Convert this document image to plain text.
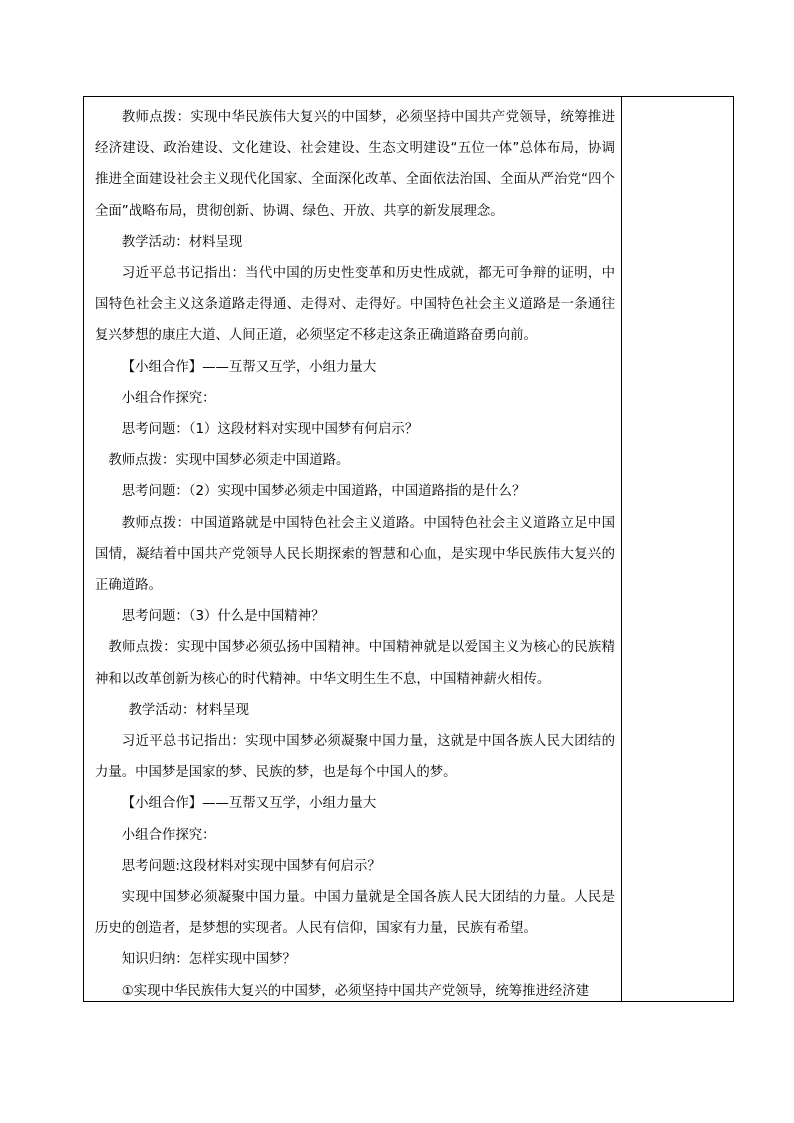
教师点拨：实现中华民族伟大复兴的中国梦，必须坚持中国共产党领导，统筹推进经济建设、政治建设、文化建设、社会建设、生态文明建设“五位一体”总体布局，协调推进全面建设社会主义现代化国家、全面深化改革、全面依法治国、全面从严治党“四个全面”战略布局，贯彻创新、协调、绿色、开放、共享的新发展理念。

教学活动：材料呈现

习近平总书记指出：当代中国的历史性变革和历史性成就，都无可争辩的证明，中国特色社会主义这条道路走得通、走得对、走得好。中国特色社会主义道路是一条通往复兴梦想的康庄大道、人间正道，必须坚定不移走这条正确道路奋勇向前。

【小组合作】——互帮又互学，小组力量大

小组合作探究：

思考问题：（1）这段材料对实现中国梦有何启示？

教师点拨：实现中国梦必须走中国道路。

思考问题：（2）实现中国梦必须走中国道路，中国道路指的是什么？

教师点拨：中国道路就是中国特色社会主义道路。中国特色社会主义道路立足中国国情，凝结着中国共产党领导人民长期探索的智慧和心血，是实现中华民族伟大复兴的正确道路。

思考问题：（3）什么是中国精神？

教师点拨：实现中国梦必须弘扬中国精神。中国精神就是以爱国主义为核心的民族精神和以改革创新为核心的时代精神。中华文明生生不息，中国精神薪火相传。

教学活动：材料呈现

习近平总书记指出：实现中国梦必须凝聚中国力量，这就是中国各族人民大团结的力量。中国梦是国家的梦、民族的梦，也是每个中国人的梦。

【小组合作】——互帮又互学，小组力量大

小组合作探究：

思考问题:这段材料对实现中国梦有何启示？

实现中国梦必须凝聚中国力量。中国力量就是全国各族人民大团结的力量。人民是历史的创造者，是梦想的实现者。人民有信仰，国家有力量，民族有希望。

知识归纳：怎样实现中国梦？

①实现中华民族伟大复兴的中国梦，必须坚持中国共产党领导，统筹推进经济建
